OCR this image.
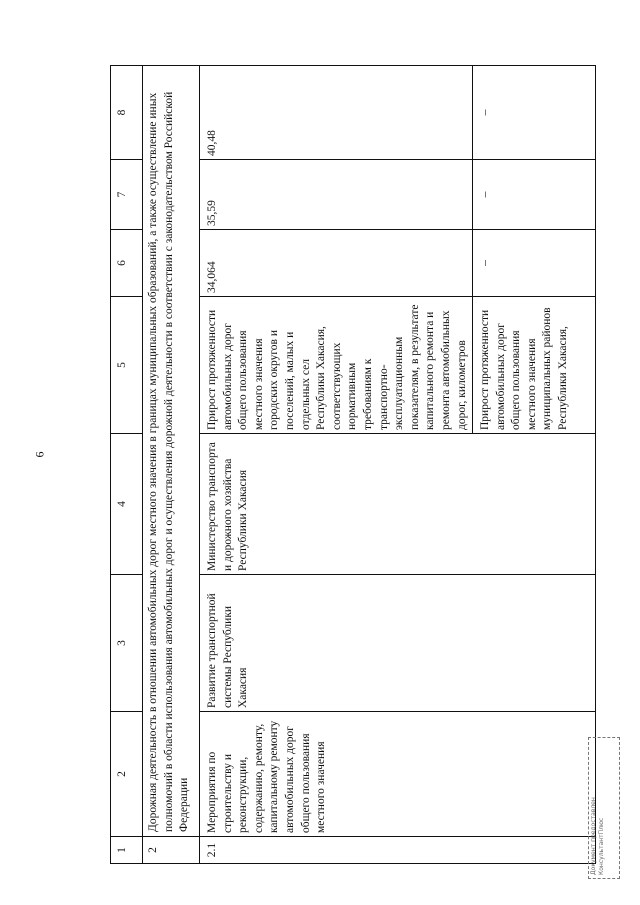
6
1	2	3	4	5	6	7	8
2	Дорожная деятельность в отношении автомобильных дорог местного значения в границах муниципальных образований, а также осуществление иных полномочий в области использования автомобильных дорог и осуществления дорожной деятельности в соответствии с законодательством Российской Федерации						
2.1	Мероприятия по строительству и реконструкции, содержанию, ремонту, капитальному ремонту автомобильных дорог общего пользования местного значения	Развитие транспортной системы Республики Хакасия	Министерство транспорта и дорожного хозяйства Республики Хакасия	Прирост протяженности автомобильных дорог общего пользования местного значения городских округов и поселений, малых и отдельных сел Республики Хакасия, соответствующих нормативным требованиям к транспортно-эксплуатационным показателям, в результате капитального ремонта и ремонта автомобильных дорог, километров	34,064	35,59	40,48
				Прирост протяженности автомобильных дорог общего пользования местного значения муниципальных районов Республики Хакасия,	–	–	–
Документ предоставлен КонсультантПлюс
